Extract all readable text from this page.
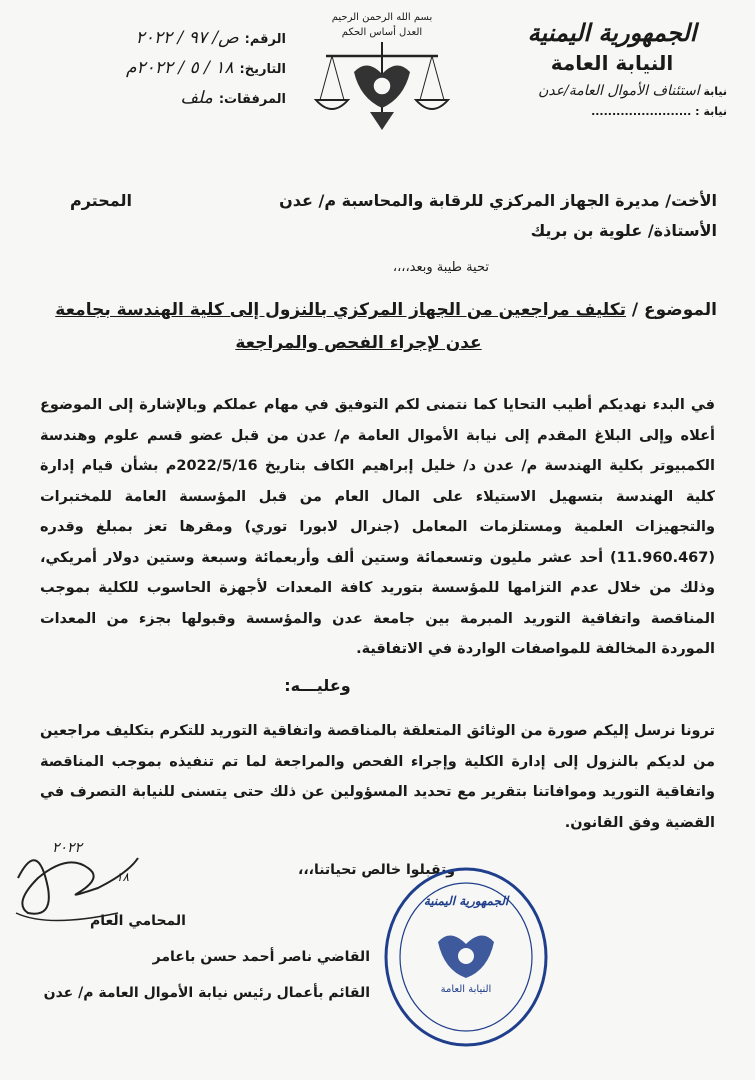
الجمهورية اليمنية
النيابة العامة
نيابة استئناف الأموال العامة/عدن
نيابة : ........................
بسم الله الرحمن الرحيم
العدل أساس الحكم
الرقم:
ص/ ٩٧ / ٢٠٢٢
التاريخ:
١٨ / ٥ / ٢٠٢٢م
المرفقات:
ملف
الأخت/ مديرة الجهاز المركزي للرقابة والمحاسبة م/ عدن
المحترم
الأستاذة/ علوية بن بريك
تحية طيبة وبعد،،،،
الموضوع / تكليف مراجعين من الجهاز المركزي بالنزول إلى كلية الهندسة بجامعة
عدن لإجراء الفحص والمراجعة
في البدء نهديكم أطيب التحايا كما نتمنى لكم التوفيق في مهام عملكم وبالإشارة إلى الموضوع أعلاه وإلى البلاغ المقدم إلى نيابة الأموال العامة م/ عدن من قبل عضو قسم علوم وهندسة الكمبيوتر بكلية الهندسة م/ عدن د/ خليل إبراهيم الكاف بتاريخ 2022/5/16م بشأن قيام إدارة كلية الهندسة بتسهيل الاستيلاء على المال العام من قبل المؤسسة العامة للمختبرات والتجهيزات العلمية ومستلزمات المعامل (جنرال لابورا توري) ومقرها تعز بمبلغ وقدره (11.960.467) أحد عشر مليون وتسعمائة وستين ألف وأربعمائة وسبعة وستين دولار أمريكي، وذلك من خلال عدم التزامها للمؤسسة بتوريد كافة المعدات لأجهزة الحاسوب للكلية بموجب المناقصة واتفاقية التوريد المبرمة بين جامعة عدن والمؤسسة وقبولها بجزء من المعدات الموردة المخالفة للمواصفات الواردة في الاتفاقية.
وعليـــه:
ترونا نرسل إليكم صورة من الوثائق المتعلقة بالمناقصة واتفاقية التوريد للتكرم بتكليف مراجعين من لديكم بالنزول إلى إدارة الكلية وإجراء الفحص والمراجعة لما تم تنفيذه بموجب المناقصة واتفاقية التوريد وموافاتنا بتقرير مع تحديد المسؤولين عن ذلك حتى يتسنى للنيابة التصرف في القضية وفق القانون.
وتقبلوا خالص تحياتنا،،،
المحامي العام
القاضي ناصر أحمد حسن باعامر
القائم بأعمال رئيس نيابة الأموال العامة م/ عدن
٢٠٢٢
١٨
الجمهورية اليمنية
النيابة العامة
